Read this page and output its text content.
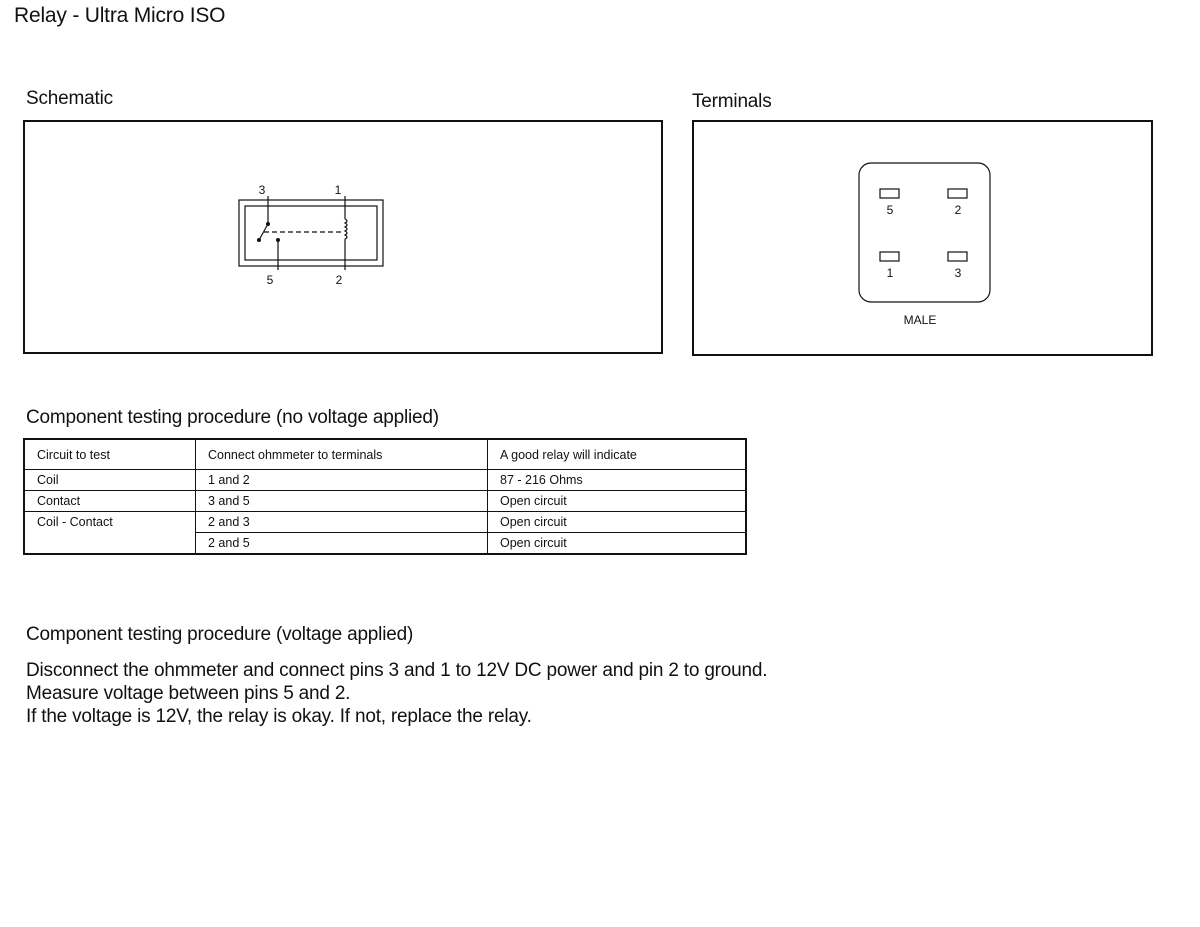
Relay - Ultra Micro ISO
Schematic
3	1
5	2
Terminals
5	2
1	3
MALE
Component testing procedure (no voltage applied)
Circuit to test	Connect ohmmeter to terminals	A good relay will indicate
Coil	1 and 2	87 - 216 Ohms
Contact	3 and 5	Open circuit
Coil - Contact	2 and 3	Open circuit
	2 and 5	Open circuit
Component testing procedure (voltage applied)
Disconnect the ohmmeter and connect pins 3 and 1 to 12V DC power and pin 2 to ground.
Measure voltage between pins 5 and 2.
If the voltage is 12V, the relay is okay. If not, replace the relay.
